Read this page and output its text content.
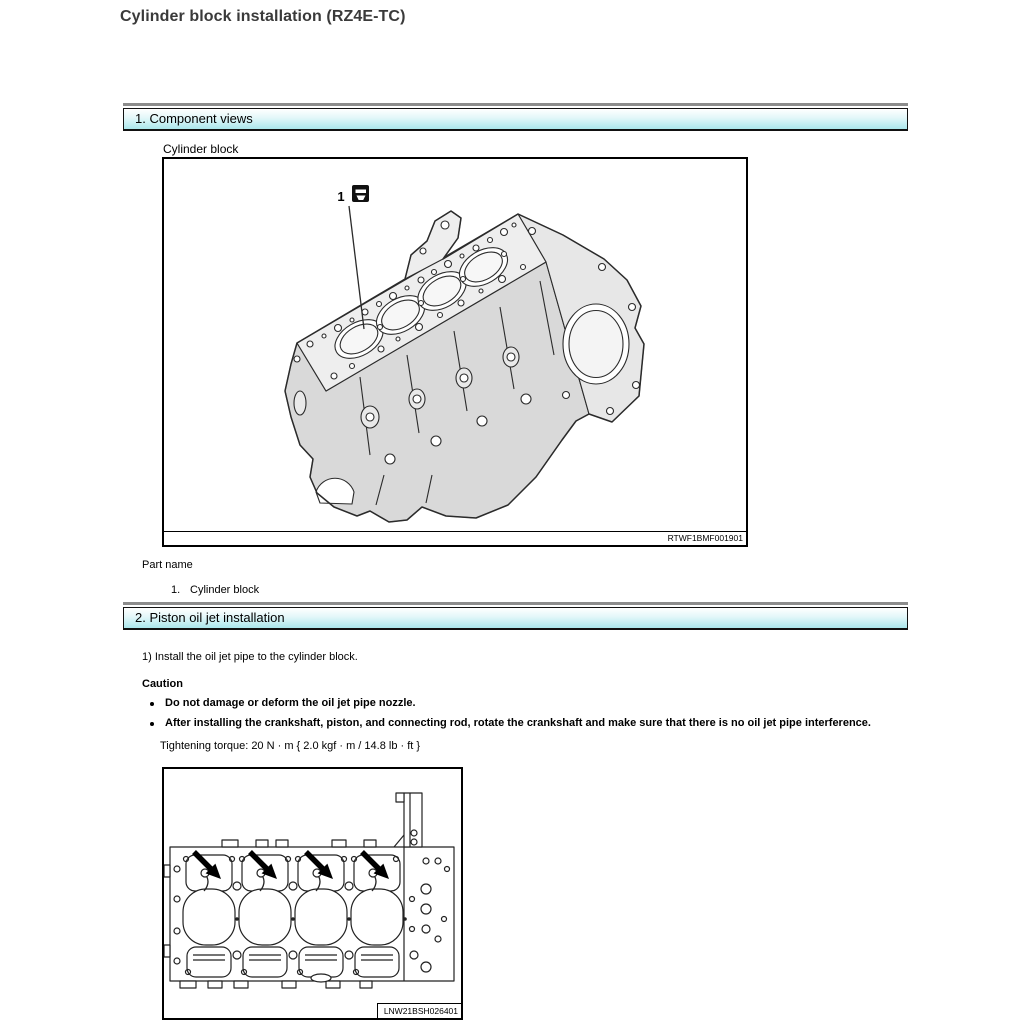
Cylinder block installation (RZ4E-TC)
1. Component views
Cylinder block
1
RTWF1BMF001901
Part name
1. Cylinder block
2. Piston oil jet installation
1) Install the oil jet pipe to the cylinder block.
Caution
Do not damage or deform the oil jet pipe nozzle.
After installing the crankshaft, piston, and connecting rod, rotate the crankshaft and make sure that there is no oil jet pipe interference.
Tightening torque: 20 N · m { 2.0 kgf · m / 14.8 lb · ft }
LNW21BSH026401
